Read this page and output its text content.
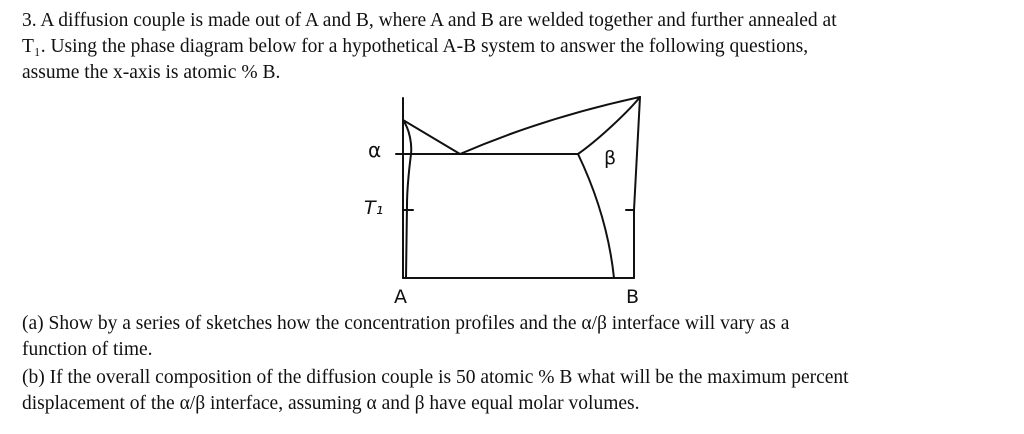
3. A diffusion couple is made out of A and B, where A and B are welded together and further annealed at
T₁. Using the phase diagram below for a hypothetical A-B system to answer the following questions,
assume the x-axis is atomic % B.
α	β
T₁
A	B
(a) Show by a series of sketches how the concentration profiles and the α/β interface will vary as a
function of time.
(b) If the overall composition of the diffusion couple is 50 atomic % B what will be the maximum percent
displacement of the α/β interface, assuming α and β have equal molar volumes.
